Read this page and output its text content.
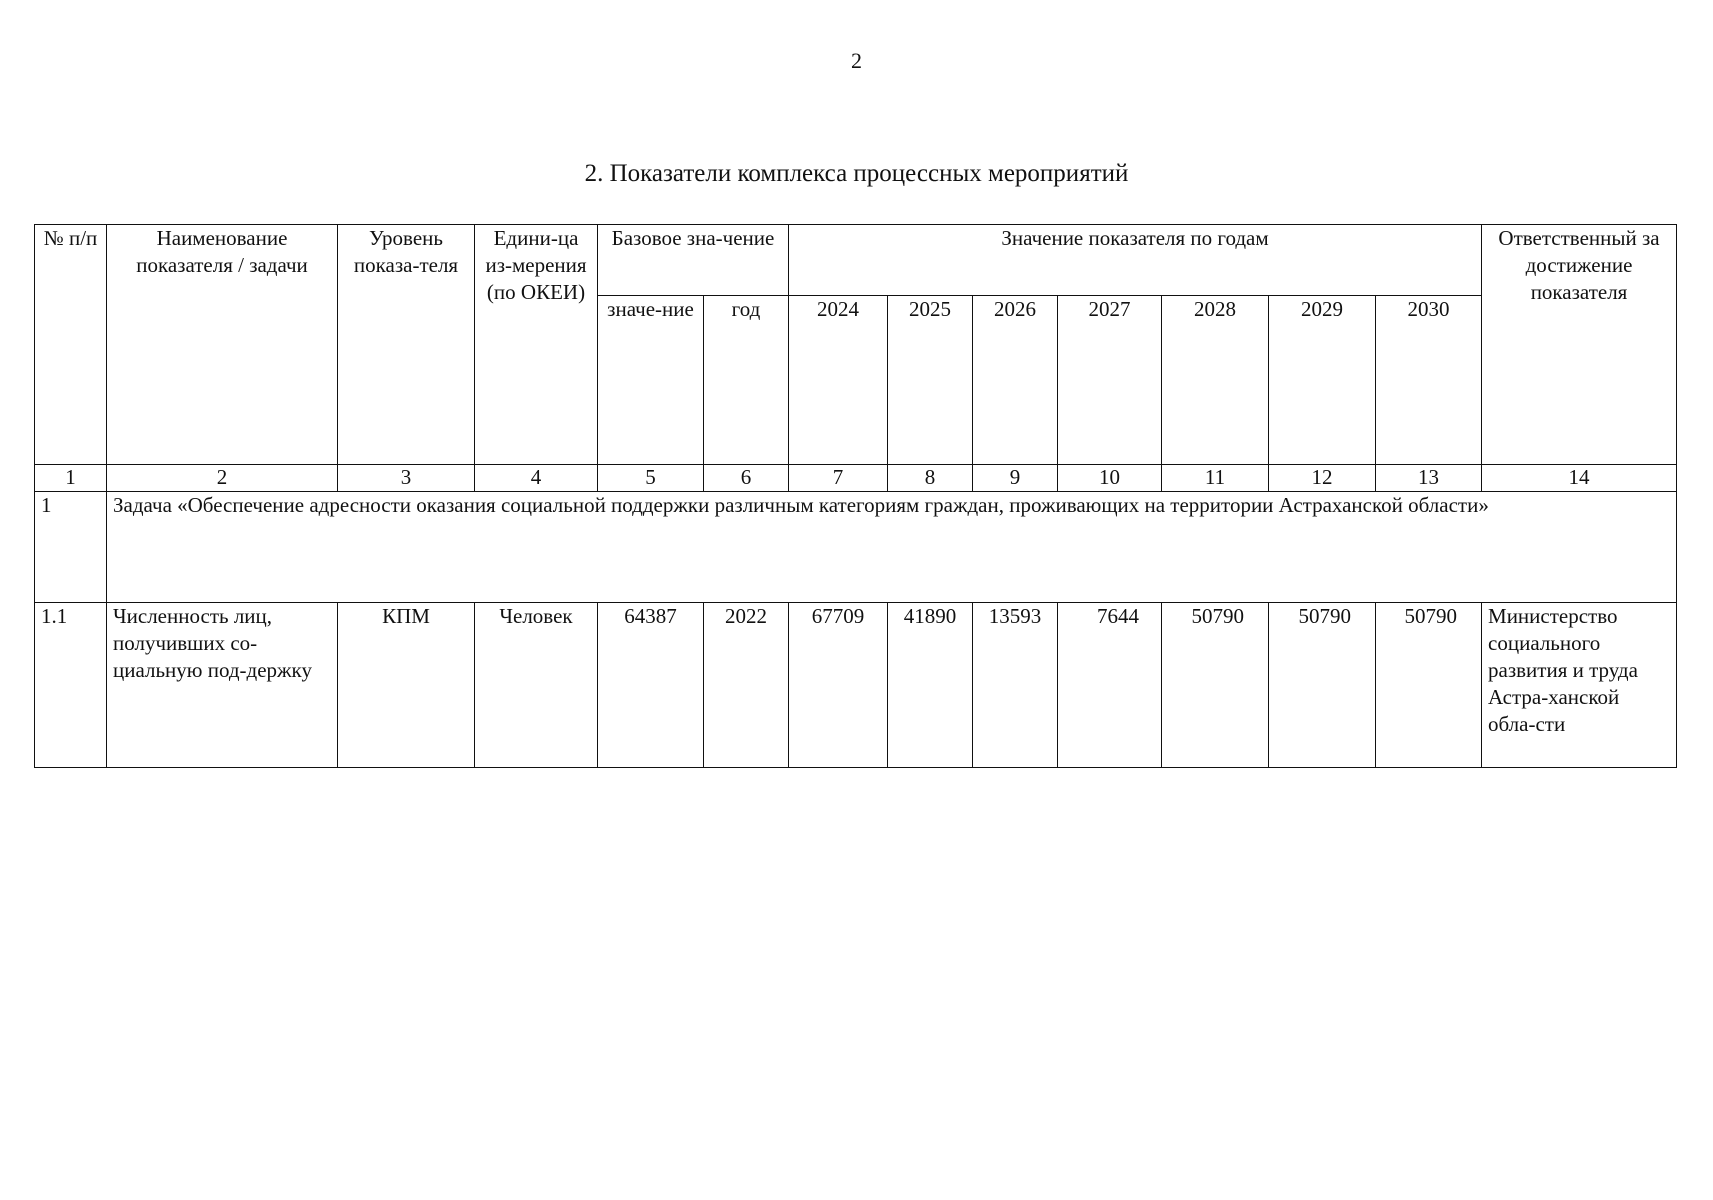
2
2. Показатели комплекса процессных мероприятий
№ п/п	Наименование показателя / задачи	Уровень показа-теля	Едини-ца из-мерения (по ОКЕИ)	Базовое зна-чение		Значение показателя по годам							Ответственный за достижение показателя
				значе-ние	год	2024	2025	2026	2027	2028	2029	2030	
1	2	3	4	5	6	7	8	9	10	11	12	13	14
1	Задача «Обеспечение адресности оказания социальной поддержки различным категориям граждан, проживающих на территории Астраханской области»												
1.1	Численность лиц, получивших со-циальную под-держку	КПМ	Человек	64387	2022	67709	41890	13593	7644	50790	50790	50790	Министерство социального развития и труда Астра-ханской обла-сти
